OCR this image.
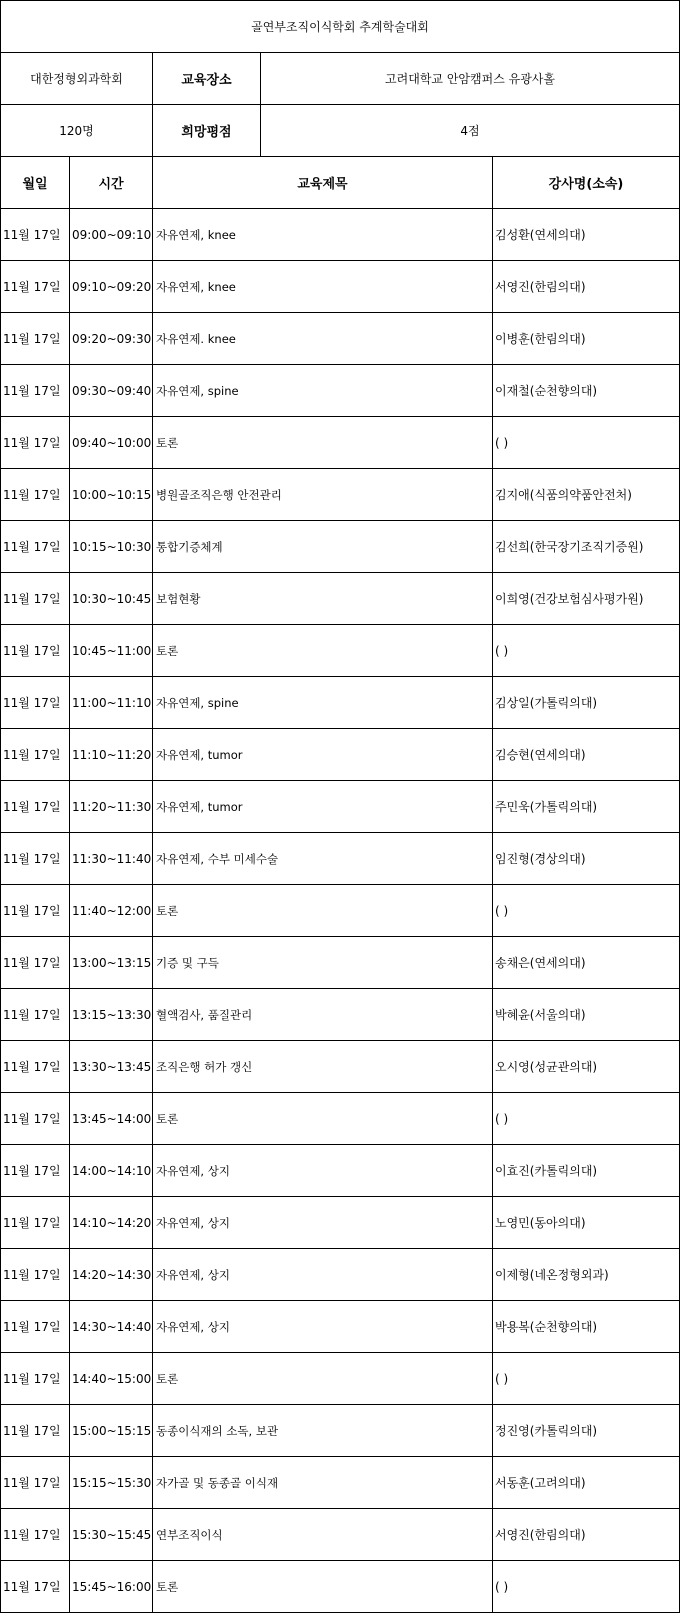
골연부조직이식학회 추계학술대회				
대한정형외과학회		교육장소	고려대학교 안암캠퍼스 유광사홀	
120명		희망평점	4점	
월일	시간	교육제목		강사명(소속)
11월 17일	09:00~09:10	자유연제, knee		김성환(연세의대)
11월 17일	09:10~09:20	자유연제, knee		서영진(한림의대)
11월 17일	09:20~09:30	자유연제. knee		이병훈(한림의대)
11월 17일	09:30~09:40	자유연제, spine		이재철(순천향의대)
11월 17일	09:40~10:00	토론		( )
11월 17일	10:00~10:15	병원골조직은행 안전관리		김지애(식품의약품안전처)
11월 17일	10:15~10:30	통합기증체계		김선희(한국장기조직기증원)
11월 17일	10:30~10:45	보험현황		이희영(건강보험심사평가원)
11월 17일	10:45~11:00	토론		( )
11월 17일	11:00~11:10	자유연제, spine		김상일(가톨릭의대)
11월 17일	11:10~11:20	자유연제, tumor		김승현(연세의대)
11월 17일	11:20~11:30	자유연제, tumor		주민욱(가톨릭의대)
11월 17일	11:30~11:40	자유연제, 수부 미세수술		임진형(경상의대)
11월 17일	11:40~12:00	토론		( )
11월 17일	13:00~13:15	기증 및 구득		송채은(연세의대)
11월 17일	13:15~13:30	혈액검사, 품질관리		박혜윤(서울의대)
11월 17일	13:30~13:45	조직은행 허가 갱신		오시영(성균관의대)
11월 17일	13:45~14:00	토론		( )
11월 17일	14:00~14:10	자유연제, 상지		이효진(카톨릭의대)
11월 17일	14:10~14:20	자유연제, 상지		노영민(동아의대)
11월 17일	14:20~14:30	자유연제, 상지		이제형(네온정형외과)
11월 17일	14:30~14:40	자유연제, 상지		박용복(순천향의대)
11월 17일	14:40~15:00	토론		( )
11월 17일	15:00~15:15	동종이식재의 소독, 보관		정진영(카톨릭의대)
11월 17일	15:15~15:30	자가골 및 동종골 이식재		서동훈(고려의대)
11월 17일	15:30~15:45	연부조직이식		서영진(한림의대)
11월 17일	15:45~16:00	토론		( )
